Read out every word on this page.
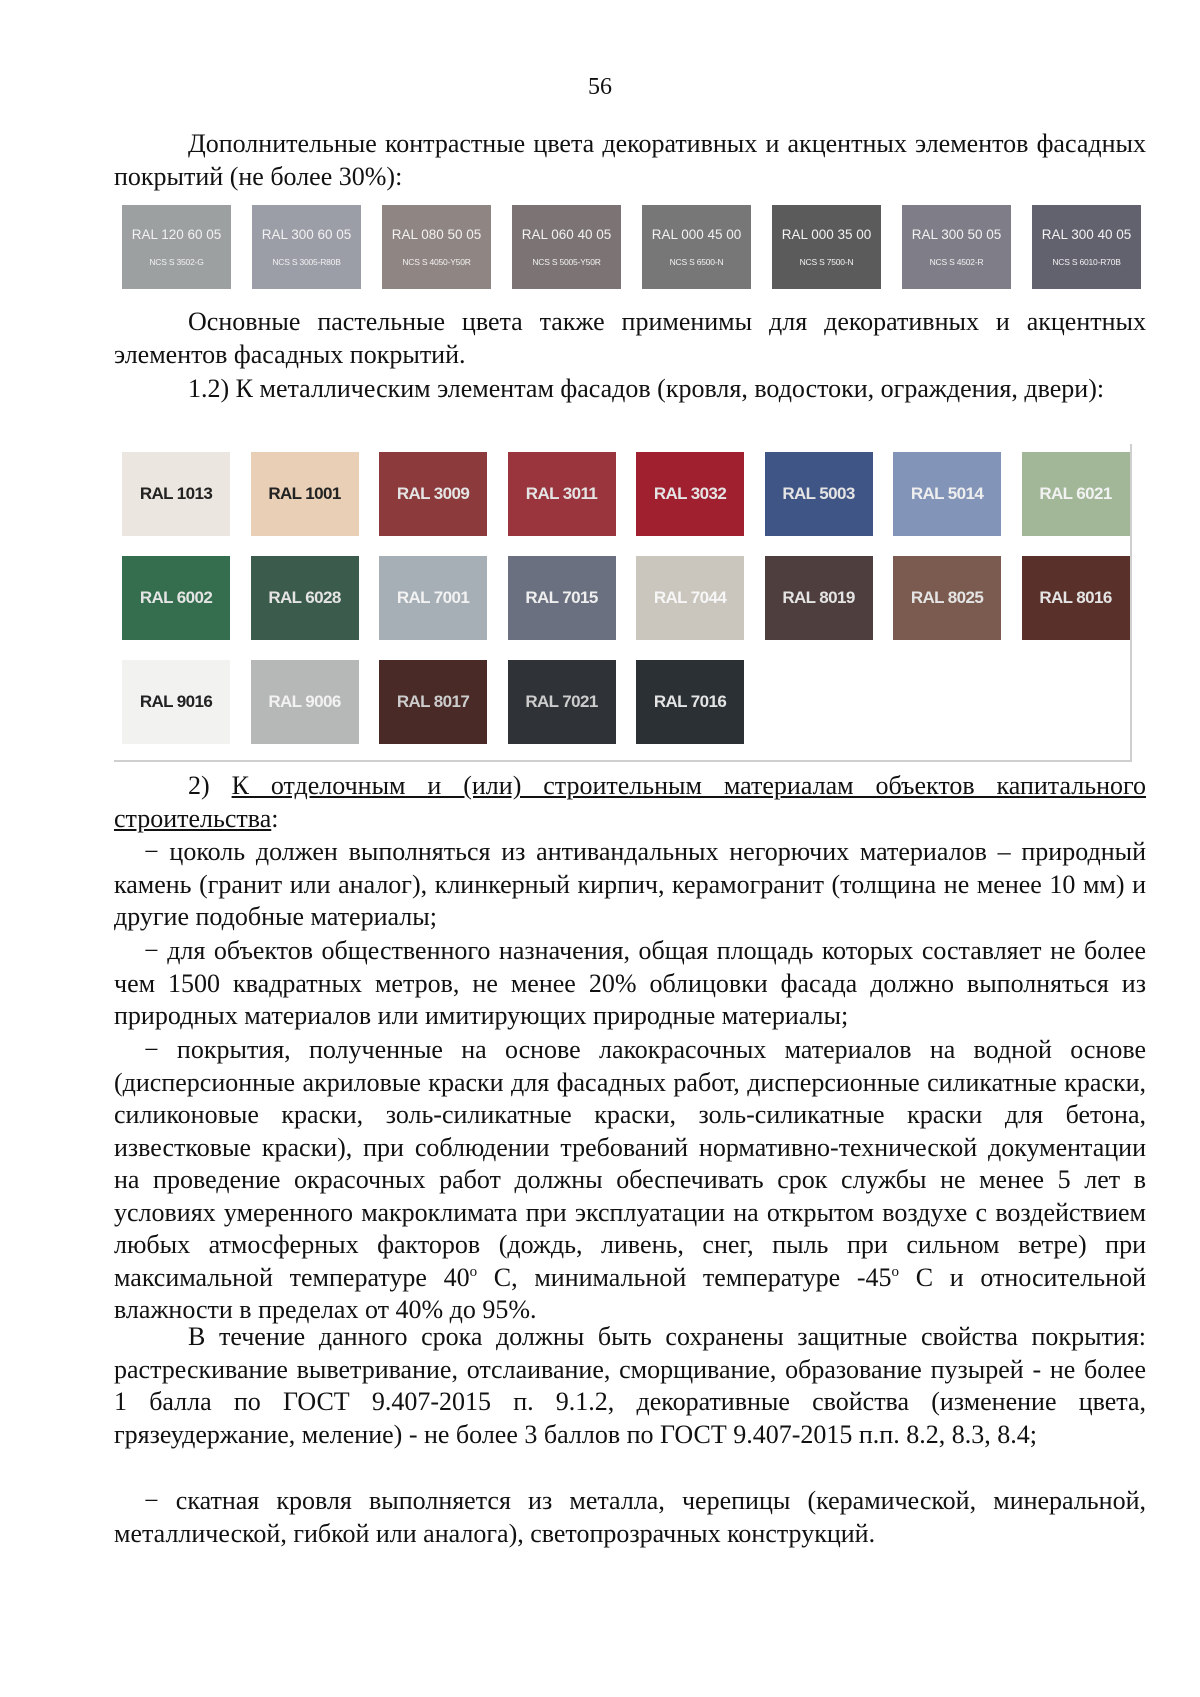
56

Дополнительные контрастные цвета декоративных и акцентных элементов фасадных покрытий (не более 30%):

RAL 120 60 05
NCS S 3502-G
RAL 300 60 05
NCS S 3005-R80B
RAL 080 50 05
NCS S 4050-Y50R
RAL 060 40 05
NCS S 5005-Y50R
RAL 000 45 00
NCS S 6500-N
RAL 000 35 00
NCS S 7500-N
RAL 300 50 05
NCS S 4502-R
RAL 300 40 05
NCS S 6010-R70B

Основные пастельные цвета также применимы для декоративных и акцентных элементов фасадных покрытий.

1.2) К металлическим элементам фасадов (кровля, водостоки, ограждения, двери):

RAL 1013	RAL 1001	RAL 3009	RAL 3011	RAL 3032	RAL 5003	RAL 5014	RAL 6021
RAL 6002	RAL 6028	RAL 7001	RAL 7015	RAL 7044	RAL 8019	RAL 8025	RAL 8016
RAL 9016	RAL 9006	RAL 8017	RAL 7021	RAL 7016

2) К отделочным и (или) строительным материалам объектов капитального строительства:

− цоколь должен выполняться из антивандальных негорючих материалов – природный камень (гранит или аналог), клинкерный кирпич, керамогранит (толщина не менее 10 мм) и другие подобные материалы;

− для объектов общественного назначения, общая площадь которых составляет не более чем 1500 квадратных метров, не менее 20% облицовки фасада должно выполняться из природных материалов или имитирующих природные материалы;

− покрытия, полученные на основе лакокрасочных материалов на водной основе (дисперсионные акриловые краски для фасадных работ, дисперсионные силикатные краски, силиконовые краски, золь-силикатные краски, золь-силикатные краски для бетона, известковые краски), при соблюдении требований нормативно-технической документации на проведение окрасочных работ должны обеспечивать срок службы не менее 5 лет в условиях умеренного макроклимата при эксплуатации на открытом воздухе с воздействием любых атмосферных факторов (дождь, ливень, снег, пыль при сильном ветре) при максимальной температуре 40$^o$ С, минимальной температуре -45$^o$ С и относительной влажности в пределах от 40% до 95%.

В течение данного срока должны быть сохранены защитные свойства покрытия: растрескивание выветривание, отслаивание, сморщивание, образование пузырей - не более 1 балла по ГОСТ 9.407-2015 п. 9.1.2, декоративные свойства (изменение цвета, грязеудержание, меление) - не более 3 баллов по ГОСТ 9.407-2015 п.п. 8.2, 8.3, 8.4;

− скатная кровля выполняется из металла, черепицы (керамической, минеральной, металлической, гибкой или аналога), светопрозрачных конструкций.
